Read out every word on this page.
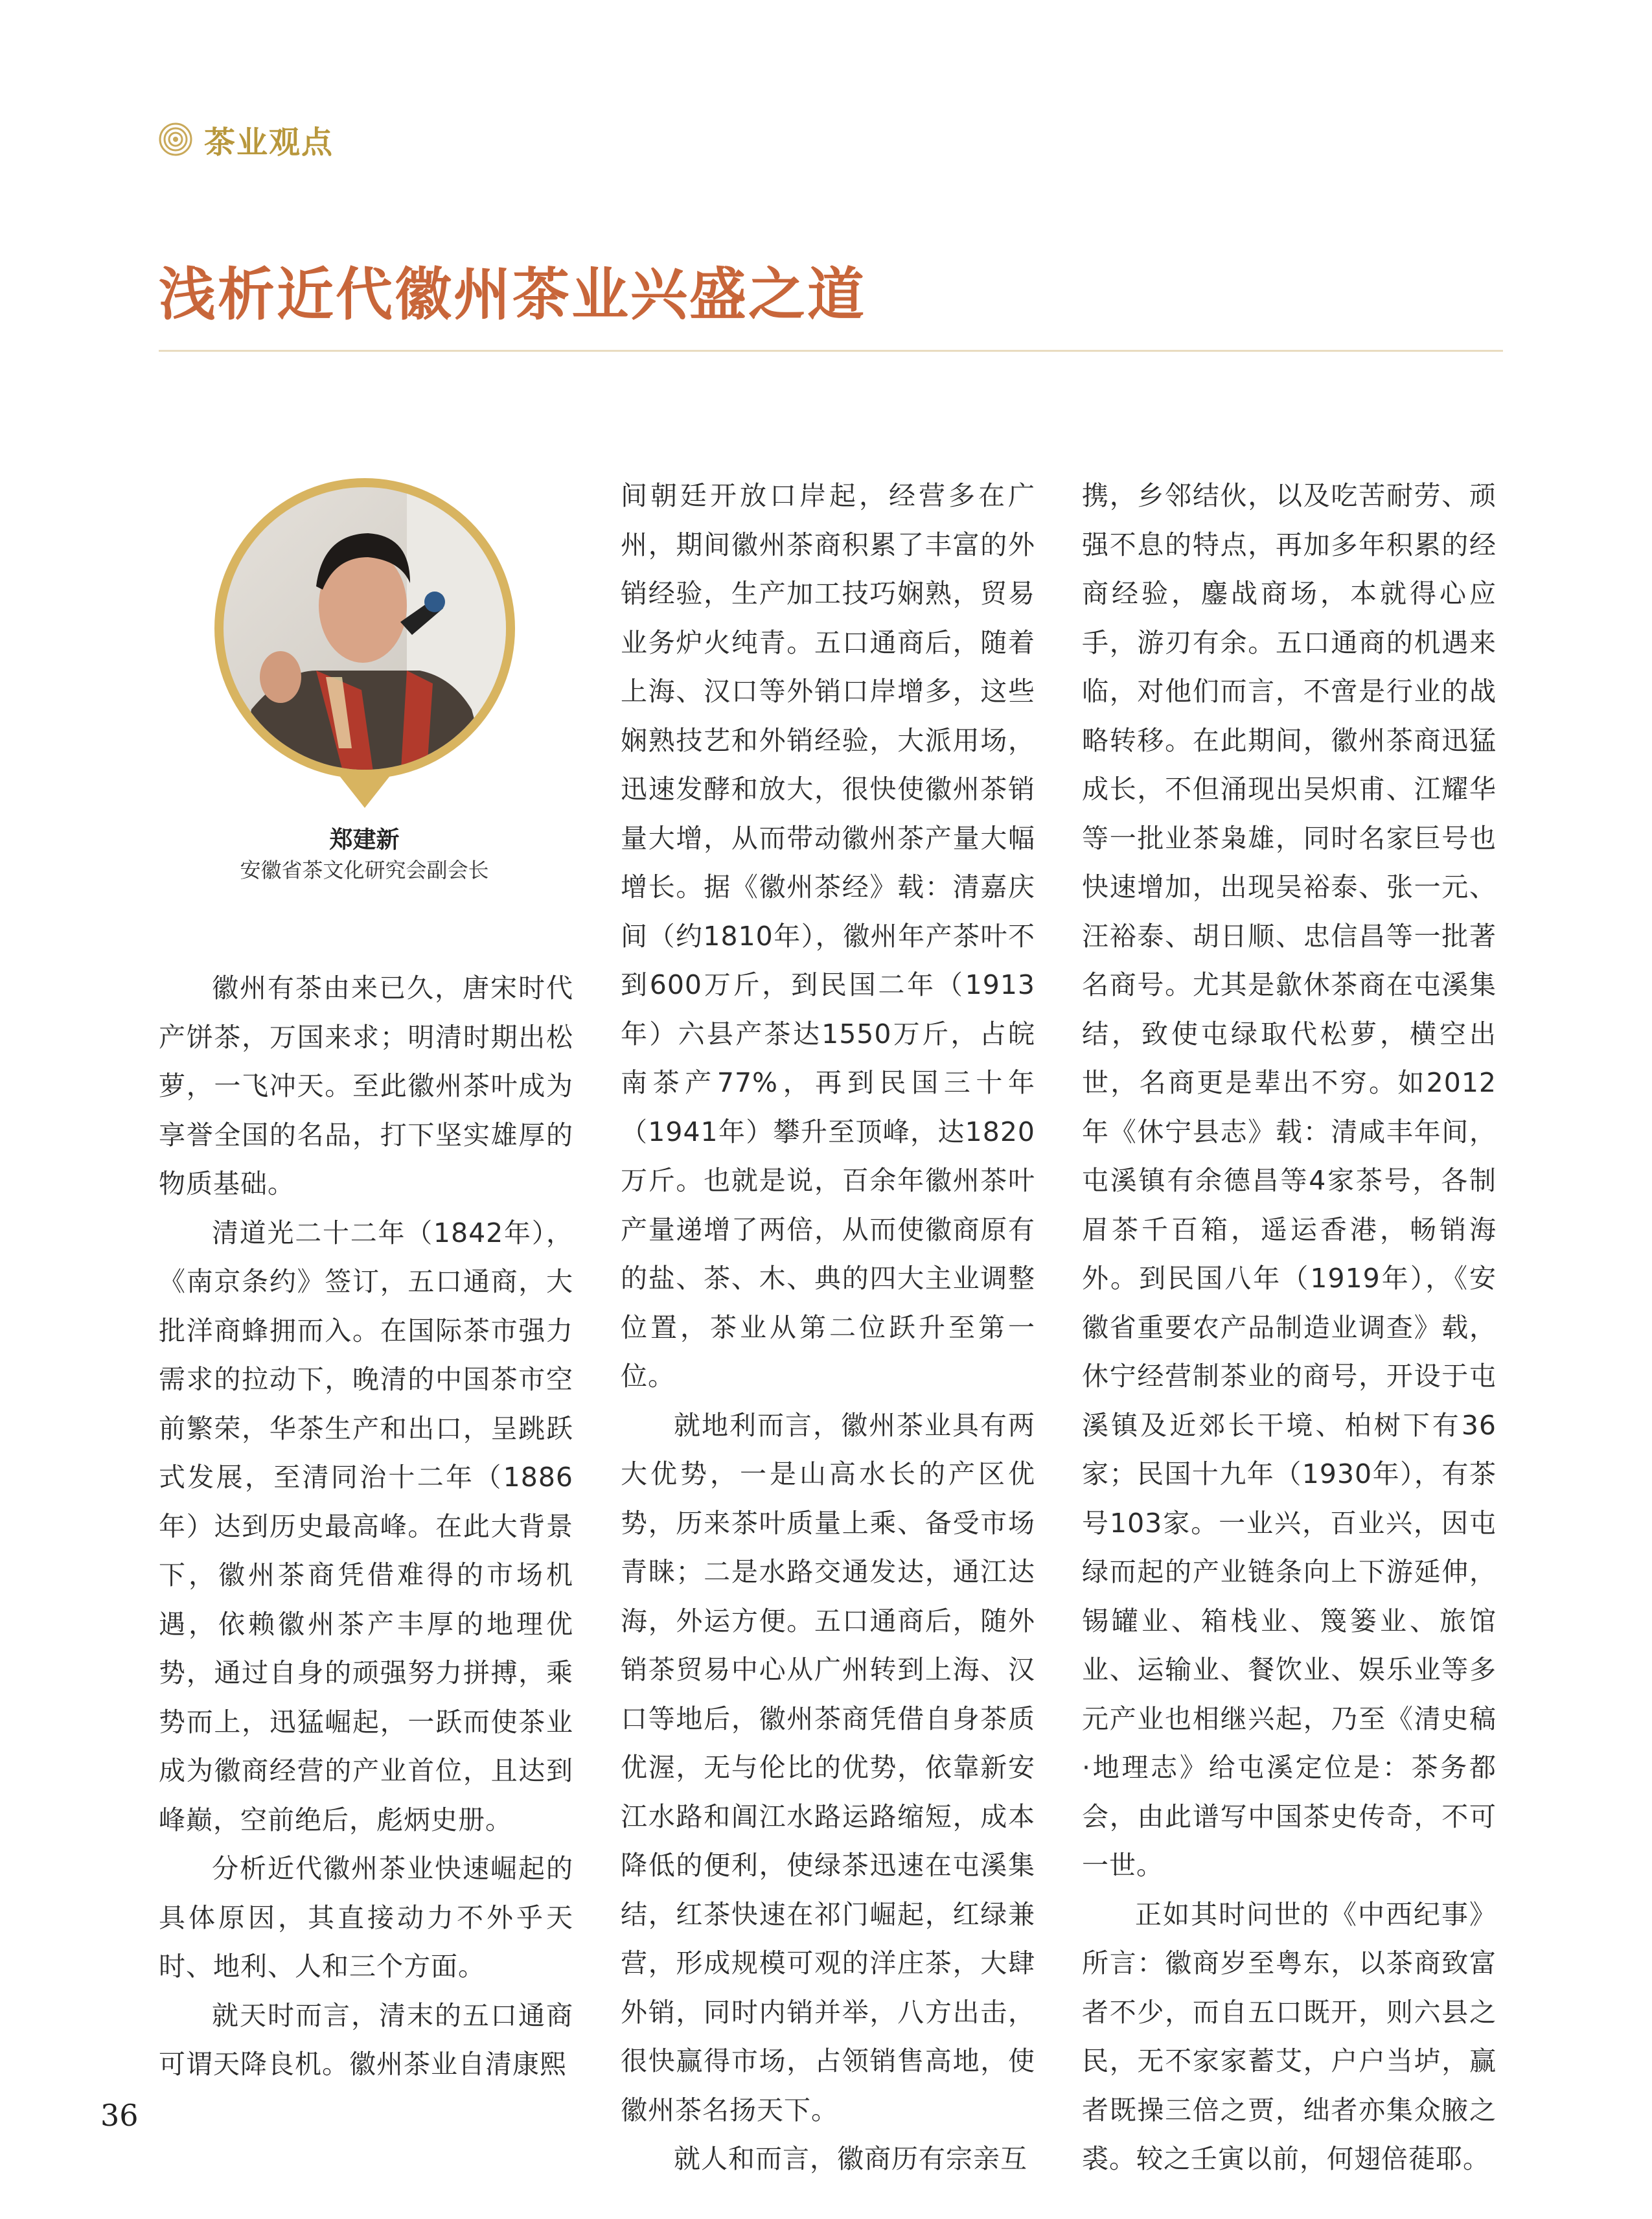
茶业观点
浅析近代徽州茶业兴盛之道
郑建新
安徽省茶文化研究会副会长

徽州有茶由来已久，唐宋时代产饼茶，万国来求；明清时期出松萝，一飞冲天。至此徽州茶叶成为享誉全国的名品，打下坚实雄厚的物质基础。

清道光二十二年（1842年），《南京条约》签订，五口通商，大批洋商蜂拥而入。在国际茶市强力需求的拉动下，晚清的中国茶市空前繁荣，华茶生产和出口，呈跳跃式发展，至清同治十二年（1886年）达到历史最高峰。在此大背景下，徽州茶商凭借难得的市场机遇，依赖徽州茶产丰厚的地理优势，通过自身的顽强努力拼搏，乘势而上，迅猛崛起，一跃而使茶业成为徽商经营的产业首位，且达到峰巅，空前绝后，彪炳史册。

分析近代徽州茶业快速崛起的具体原因，其直接动力不外乎天时、地利、人和三个方面。

就天时而言，清末的五口通商可谓天降良机。徽州茶业自清康熙

间朝廷开放口岸起，经营多在广州，期间徽州茶商积累了丰富的外销经验，生产加工技巧娴熟，贸易业务炉火纯青。五口通商后，随着上海、汉口等外销口岸增多，这些娴熟技艺和外销经验，大派用场，迅速发酵和放大，很快使徽州茶销量大增，从而带动徽州茶产量大幅增长。据《徽州茶经》载：清嘉庆间（约1810年），徽州年产茶叶不到600万斤，到民国二年（1913年）六县产茶达1550万斤，占皖南茶产77%，再到民国三十年（1941年）攀升至顶峰，达1820万斤。也就是说，百余年徽州茶叶产量递增了两倍，从而使徽商原有的盐、茶、木、典的四大主业调整位置，茶业从第二位跃升至第一位。

就地利而言，徽州茶业具有两大优势，一是山高水长的产区优势，历来茶叶质量上乘、备受市场青睐；二是水路交通发达，通江达海，外运方便。五口通商后，随外销茶贸易中心从广州转到上海、汉口等地后，徽州茶商凭借自身茶质优渥，无与伦比的优势，依靠新安江水路和阊江水路运路缩短，成本降低的便利，使绿茶迅速在屯溪集结，红茶快速在祁门崛起，红绿兼营，形成规模可观的洋庄茶，大肆外销，同时内销并举，八方出击，很快赢得市场，占领销售高地，使徽州茶名扬天下。

就人和而言，徽商历有宗亲互

携，乡邻结伙，以及吃苦耐劳、顽强不息的特点，再加多年积累的经商经验，鏖战商场，本就得心应手，游刃有余。五口通商的机遇来临，对他们而言，不啻是行业的战略转移。在此期间，徽州茶商迅猛成长，不但涌现出吴炽甫、江耀华等一批业茶枭雄，同时名家巨号也快速增加，出现吴裕泰、张一元、汪裕泰、胡日顺、忠信昌等一批著名商号。尤其是歙休茶商在屯溪集结，致使屯绿取代松萝，横空出世，名商更是辈出不穷。如2012年《休宁县志》载：清咸丰年间，屯溪镇有余德昌等4家茶号，各制眉茶千百箱，遥运香港，畅销海外。到民国八年（1919年），《安徽省重要农产品制造业调查》载，休宁经营制茶业的商号，开设于屯溪镇及近郊长干境、柏树下有36家；民国十九年（1930年），有茶号103家。一业兴，百业兴，因屯绿而起的产业链条向上下游延伸，锡罐业、箱栈业、篾篓业、旅馆业、运输业、餐饮业、娱乐业等多元产业也相继兴起，乃至《清史稿·地理志》给屯溪定位是：茶务都会，由此谱写中国茶史传奇，不可一世。

正如其时问世的《中西纪事》所言：徽商岁至粤东，以茶商致富者不少，而自五口既开，则六县之民，无不家家蓄艾，户户当垆，赢者既操三倍之贾，绌者亦集众腋之裘。较之壬寅以前，何翅倍蓰耶。

36
